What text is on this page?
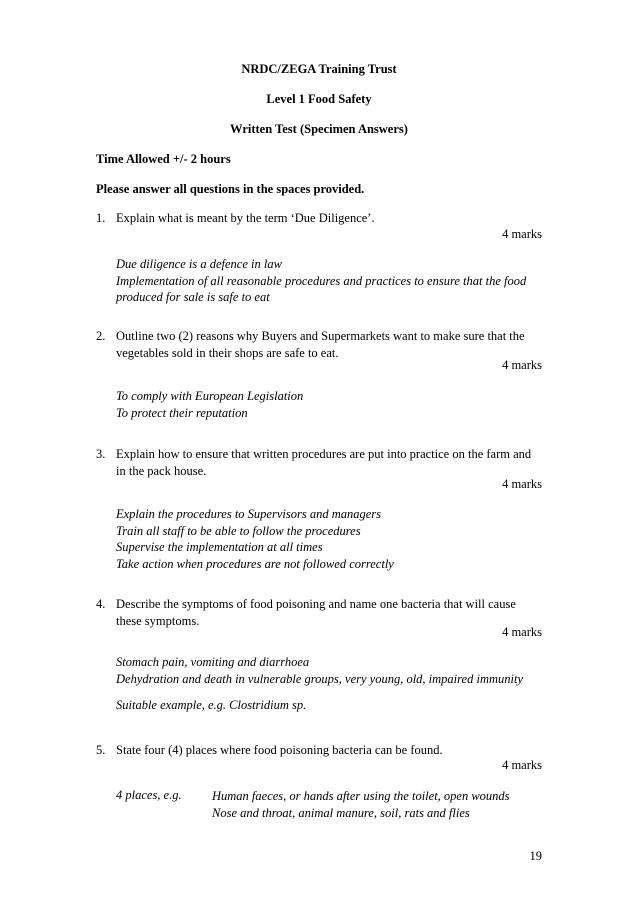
NRDC/ZEGA Training Trust
Level 1 Food Safety
Written Test (Specimen Answers)
Time Allowed +/- 2 hours
Please answer all questions in the spaces provided.
1. Explain what is meant by the term ‘Due Diligence’.
4 marks
Due diligence is a defence in law
Implementation of all reasonable procedures and practices to ensure that the food
produced for sale is safe to eat
2. Outline two (2) reasons why Buyers and Supermarkets want to make sure that the vegetables sold in their shops are safe to eat.
4 marks
To comply with European Legislation
To protect their reputation
3. Explain how to ensure that written procedures are put into practice on the farm and in the pack house.
4 marks
Explain the procedures to Supervisors and managers
Train all staff to be able to follow the procedures
Supervise the implementation at all times
Take action when procedures are not followed correctly
4. Describe the symptoms of food poisoning and name one bacteria that will cause these symptoms.
4 marks
Stomach pain, vomiting and diarrhoea
Dehydration and death in vulnerable groups, very young, old, impaired immunity
Suitable example, e.g. Clostridium sp.
5. State four (4) places where food poisoning bacteria can be found.
4 marks
4 places, e.g. Human faeces, or hands after using the toilet, open wounds
Nose and throat, animal manure, soil, rats and flies
19
